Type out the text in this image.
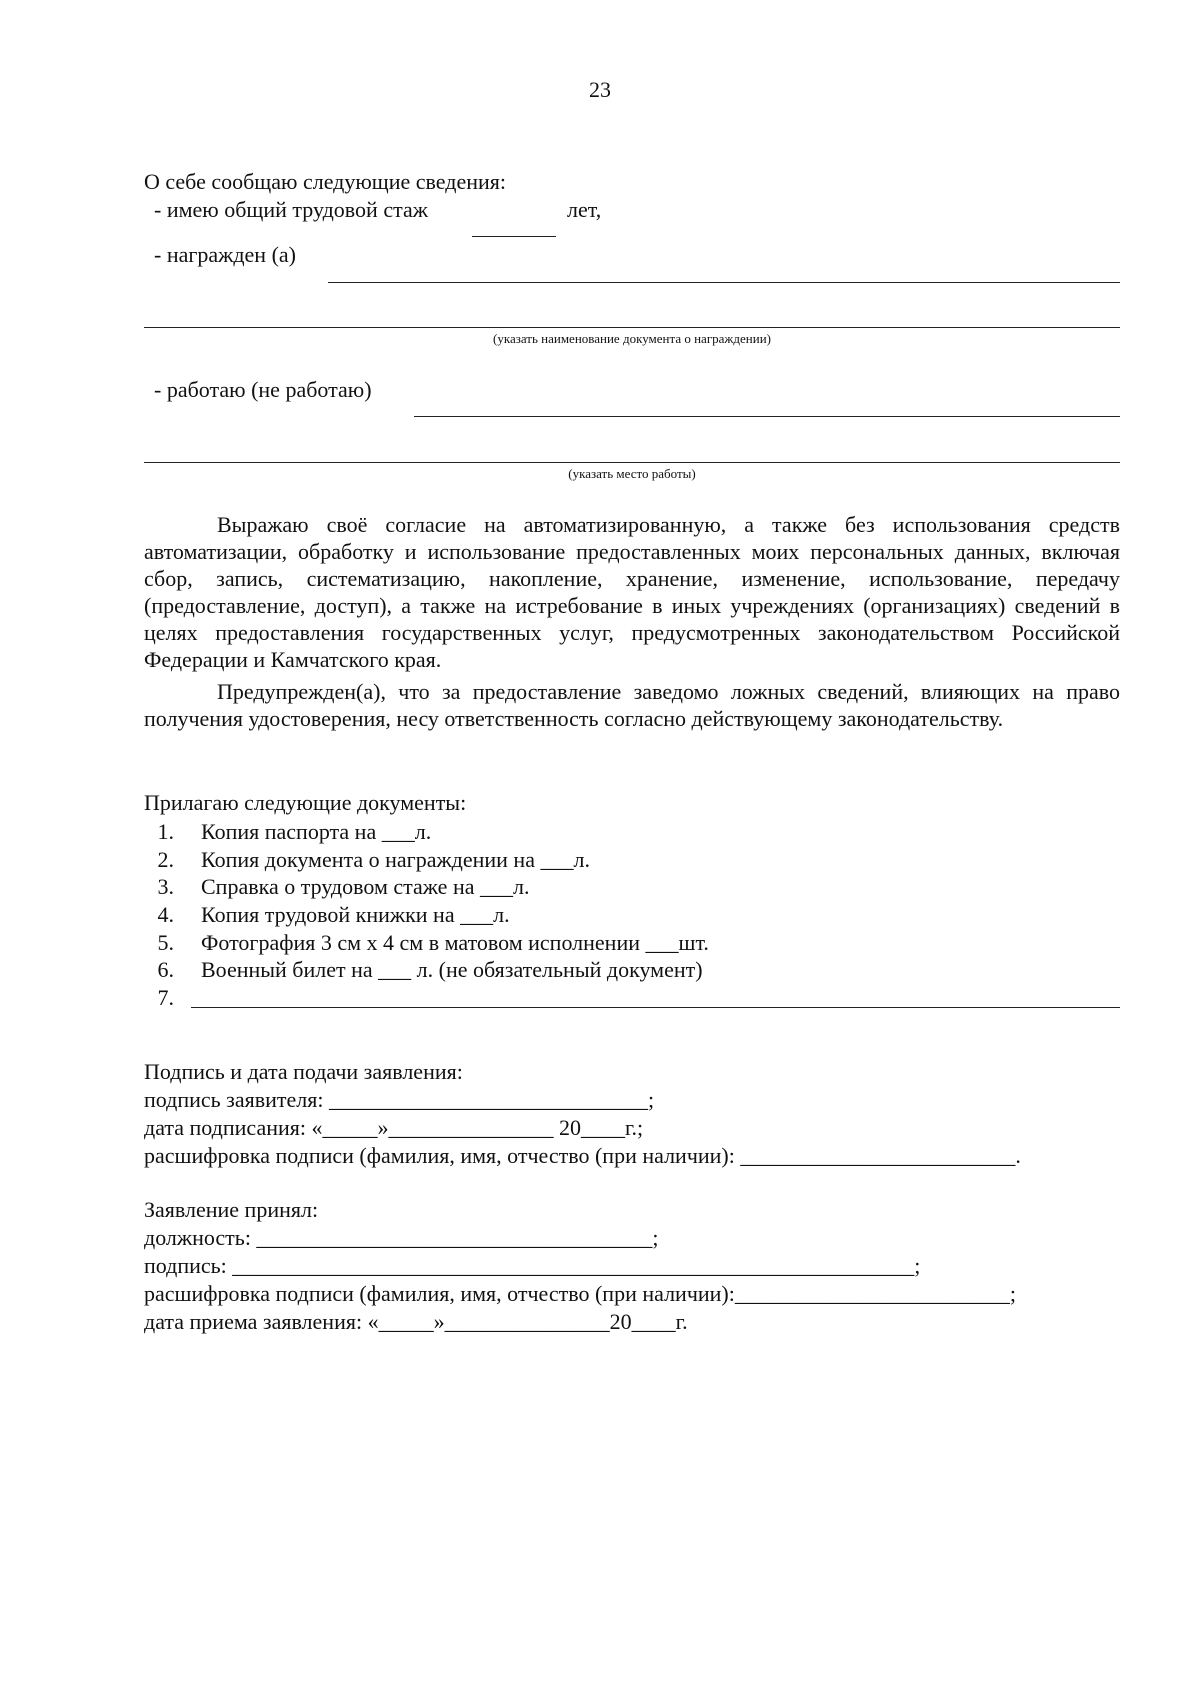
23
О себе сообщаю следующие сведения:
- имею общий трудовой стаж	лет,
- награжден (а)
(указать наименование документа о награждении)
- работаю (не работаю)
(указать место работы)
Выражаю своё согласие на автоматизированную, а также без использования средств автоматизации, обработку и использование предоставленных моих персональных данных, включая сбор, запись, систематизацию, накопление, хранение, изменение, использование, передачу (предоставление, доступ), а также на истребование в иных учреждениях (организациях) сведений в целях предоставления государственных услуг, предусмотренных законодательством Российской Федерации и Камчатского края.
Предупрежден(а), что за предоставление заведомо ложных сведений, влияющих на право получения удостоверения, несу ответственность согласно действующему законодательству.
Прилагаю следующие документы:
1. Копия паспорта на ___л.
2. Копия документа о награждении на ___л.
3. Справка о трудовом стаже на ___л.
4. Копия трудовой книжки на ___л.
5. Фотография 3 см х 4 см в матовом исполнении ___шт.
6. Военный билет на ___ л. (не обязательный документ)
7.
Подпись и дата подачи заявления:
подпись заявителя: _____________________________;
дата подписания: «_____»_______________ 20____г.;
расшифровка подписи (фамилия, имя, отчество (при наличии): _________________________.
Заявление принял:
должность: ____________________________________;
подпись: ______________________________________________________________;
расшифровка подписи (фамилия, имя, отчество (при наличии):_________________________;
дата приема заявления: «_____»_______________20____г.
